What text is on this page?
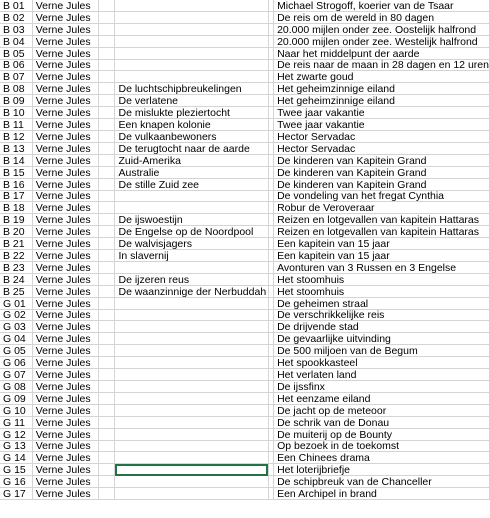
B 01	Verne Jules				Michael Strogoff, koerier van de Tsaar
B 02	Verne Jules				De reis om de wereld in 80 dagen
B 03	Verne Jules				20.000 mijlen onder zee. Oostelijk halfrond
B 04	Verne Jules				20.000 mijlen onder zee. Westelijk halfrond
B 05	Verne Jules				Naar het middelpunt der aarde
B 06	Verne Jules				De reis naar de maan in 28 dagen en 12 uren
B 07	Verne Jules				Het zwarte goud
B 08	Verne Jules		De luchtschipbreukelingen		Het geheimzinnige eiland
B 09	Verne Jules		De verlatene		Het geheimzinnige eiland
B 10	Verne Jules		De mislukte pleziertocht		Twee jaar vakantie
B 11	Verne Jules		Een knapen kolonie		Twee jaar vakantie
B 12	Verne Jules		De vulkaanbewoners		Hector Servadac
B 13	Verne Jules		De terugtocht naar de aarde		Hector Servadac
B 14	Verne Jules		Zuid-Amerika		De kinderen van Kapitein Grand
B 15	Verne Jules		Australie		De kinderen van Kapitein Grand
B 16	Verne Jules		De stille Zuid zee		De kinderen van Kapitein Grand
B 17	Verne Jules				De vondeling van het fregat Cynthia
B 18	Verne Jules				Robur de Veroveraar
B 19	Verne Jules		De ijswoestijn		Reizen en lotgevallen van kapitein Hattaras
B 20	Verne Jules		De Engelse op de Noordpool		Reizen en lotgevallen van kapitein Hattaras
B 21	Verne Jules		De walvisjagers		Een kapitein van 15 jaar
B 22	Verne Jules		In slavernij		Een kapitein van 15 jaar
B 23	Verne Jules				Avonturen van 3 Russen en 3 Engelse
B 24	Verne Jules		De ijzeren reus		Het stoomhuis
B 25	Verne Jules		De waanzinnige der Nerbuddah		Het stoomhuis
G 01	Verne Jules				De geheimen straal
G 02	Verne Jules				De verschrikkelijke reis
G 03	Verne Jules				De drijvende stad
G 04	Verne Jules				De gevaarlijke uitvinding
G 05	Verne Jules				De 500 miljoen van de Begum
G 06	Verne Jules				Het spookkasteel
G 07	Verne Jules				Het verlaten land
G 08	Verne Jules				De ijssfinx
G 09	Verne Jules				Het eenzame eiland
G 10	Verne Jules				De jacht op de meteoor
G 11	Verne Jules				De schrik van de Donau
G 12	Verne Jules				De muiterij op de Bounty
G 13	Verne Jules				Op bezoek in de toekomst
G 14	Verne Jules				Een Chinees drama
G 15	Verne Jules				Het loterijbriefje
G 16	Verne Jules				De schipbreuk van de Chanceller
G 17	Verne Jules				Een Archipel in brand
